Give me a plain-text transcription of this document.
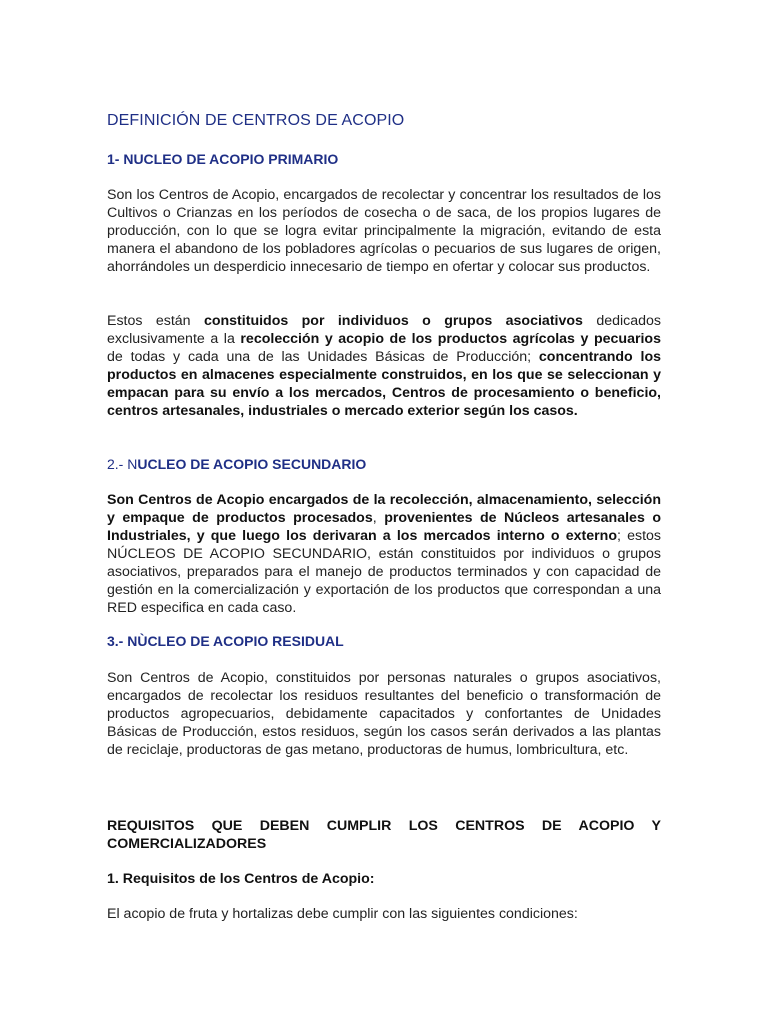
DEFINICIÓN DE CENTROS DE ACOPIO
1- NUCLEO DE ACOPIO PRIMARIO

Son los Centros de Acopio, encargados de recolectar y concentrar los resultados de los Cultivos o Crianzas en los períodos de cosecha o de saca, de los propios lugares de producción, con lo que se logra evitar principalmente la migración, evitando de esta manera el abandono de los pobladores agrícolas o pecuarios de sus lugares de origen, ahorrándoles un desperdicio innecesario de tiempo en ofertar y colocar sus productos.

Estos están constituidos por individuos o grupos asociativos dedicados exclusivamente a la recolección y acopio de los productos agrícolas y pecuarios de todas y cada una de las Unidades Básicas de Producción; concentrando los productos en almacenes especialmente construidos, en los que se seleccionan y empacan para su envío a los mercados, Centros de procesamiento o beneficio, centros artesanales, industriales o mercado exterior según los casos.

2.- NUCLEO DE ACOPIO SECUNDARIO

Son Centros de Acopio encargados de la recolección, almacenamiento, selección y empaque de productos procesados, provenientes de Núcleos artesanales o Industriales, y que luego los derivaran a los mercados interno o externo; estos NÚCLEOS DE ACOPIO SECUNDARIO, están constituidos por individuos o grupos asociativos, preparados para el manejo de productos terminados y con capacidad de gestión en la comercialización y exportación de los productos que correspondan a una RED especifica en cada caso.

3.- NÙCLEO DE ACOPIO RESIDUAL

Son Centros de Acopio, constituidos por personas naturales o grupos asociativos, encargados de recolectar los residuos resultantes del beneficio o transformación de productos agropecuarios, debidamente capacitados y confortantes de Unidades Básicas de Producción, estos residuos, según los casos serán derivados a las plantas de reciclaje, productoras de gas metano, productoras de humus, lombricultura, etc.

REQUISITOS QUE DEBEN CUMPLIR LOS CENTROS DE ACOPIO Y COMERCIALIZADORES

1. Requisitos de los Centros de Acopio:

El acopio de fruta y hortalizas debe cumplir con las siguientes condiciones:
